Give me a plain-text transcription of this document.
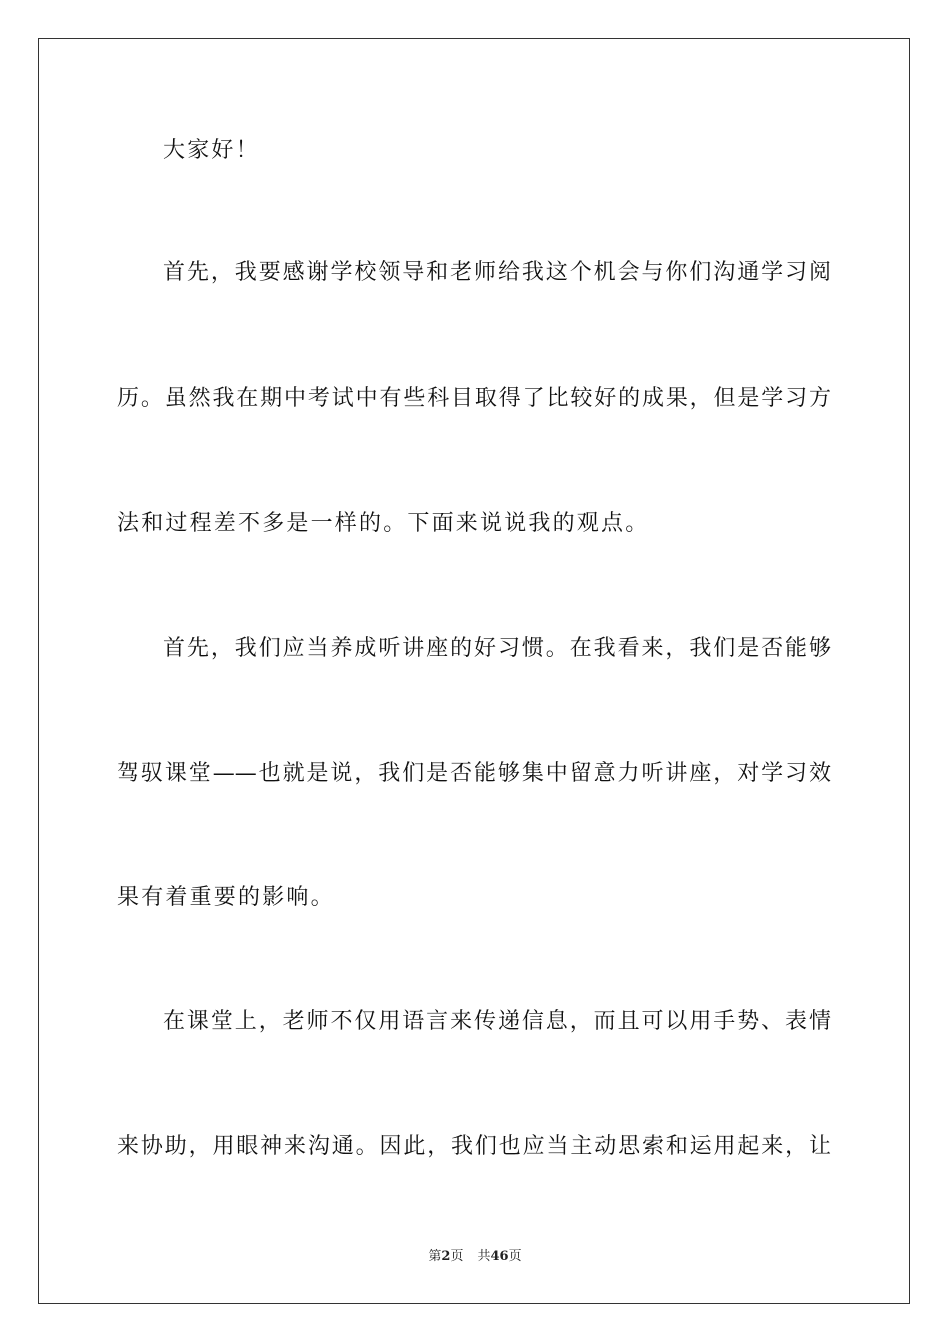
大家好！
首先，我要感谢学校领导和老师给我这个机会与你们沟通学习阅
历。虽然我在期中考试中有些科目取得了比较好的成果，但是学习方
法和过程差不多是一样的。下面来说说我的观点。
首先，我们应当养成听讲座的好习惯。在我看来，我们是否能够
驾驭课堂——也就是说，我们是否能够集中留意力听讲座，对学习效
果有着重要的影响。
在课堂上，老师不仅用语言来传递信息，而且可以用手势、表情
来协助，用眼神来沟通。因此，我们也应当主动思索和运用起来，让
第2页 共46页
